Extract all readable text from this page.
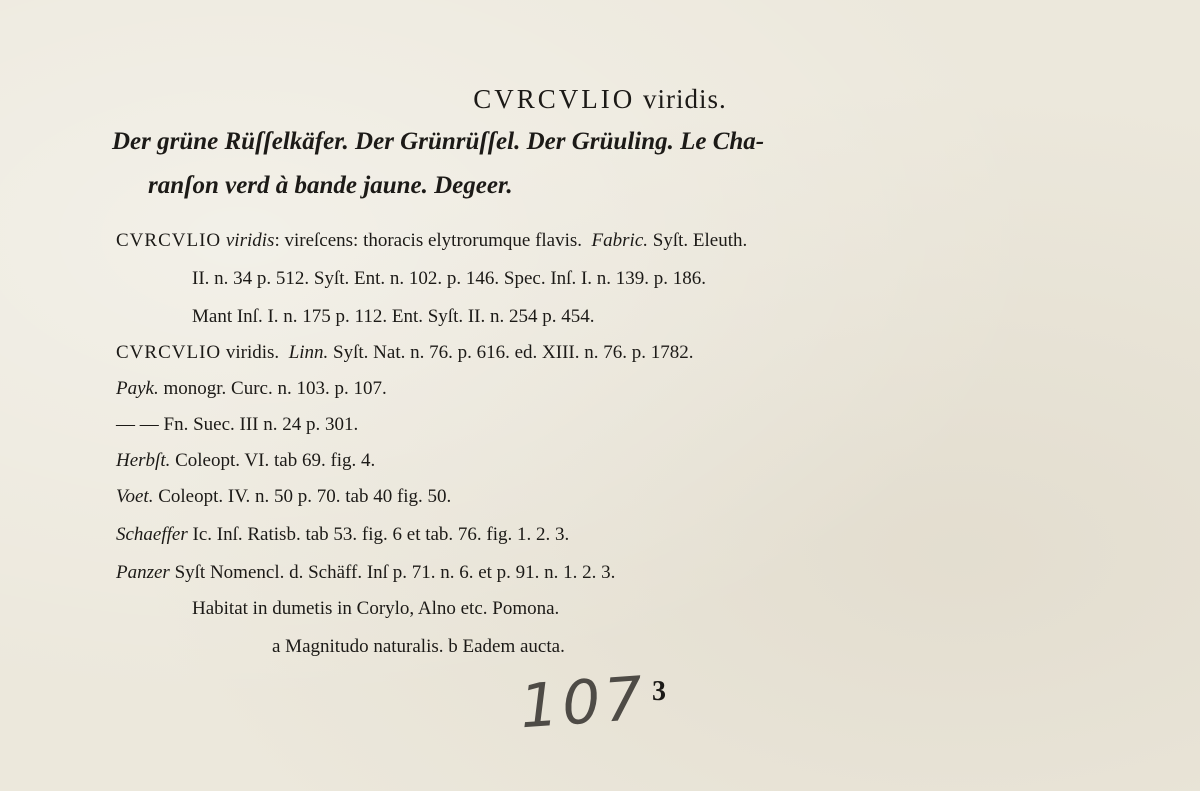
CVRCVLIO viridis.
Der grüne Rüſſelkäfer. Der Grünrüſſel. Der Grüuling. Le Cha-
ranſon verd à bande jaune. Degeer.
CVRCVLIO viridis: vireſcens: thoracis elytrorumque flavis. Fabric. Syſt. Eleuth.
II. n. 34 p. 512. Syſt. Ent. n. 102. p. 146. Spec. Inſ. I. n. 139. p. 186.
Mant Inſ. I. n. 175 p. 112. Ent. Syſt. II. n. 254 p. 454.
CVRCVLIO viridis. Linn. Syſt. Nat. n. 76. p. 616. ed. XIII. n. 76. p. 1782.
Payk. monogr. Curc. n. 103. p. 107.
— — Fn. Suec. III n. 24 p. 301.
Herbſt. Coleopt. VI. tab 69. fig. 4.
Voet. Coleopt. IV. n. 50 p. 70. tab 40 fig. 50.
Schaeffer Ic. Inſ. Ratisb. tab 53. fig. 6 et tab. 76. fig. 1. 2. 3.
Panzer Syſt Nomencl. d. Schäff. Inſ p. 71. n. 6. et p. 91. n. 1. 2. 3.
Habitat in dumetis in Corylo, Alno etc. Pomona.
a Magnitudo naturalis. b Eadem aucta.
107 3
